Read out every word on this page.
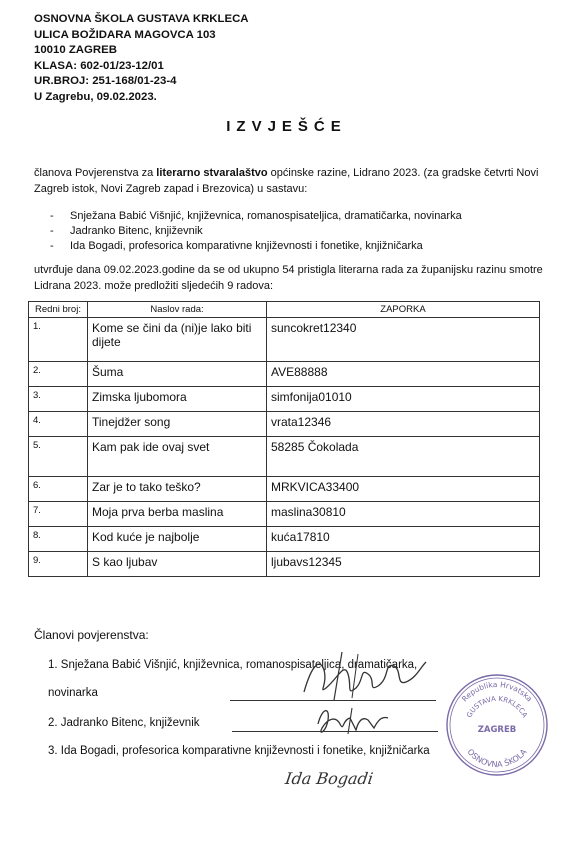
OSNOVNA ŠKOLA GUSTAVA KRKLECA
ULICA BOŽIDARA MAGOVCA 103
10010 ZAGREB
KLASA: 602-01/23-12/01
UR.BROJ: 251-168/01-23-4
U Zagrebu, 09.02.2023.
IZVJEŠĆE
članova Povjerenstva za literarno stvaralaštvo općinske razine, Lidrano 2023. (za gradske četvrti Novi Zagreb istok, Novi Zagreb zapad i Brezovica) u sastavu:
- Snježana Babić Višnjić, književnica, romanospisateljica, dramatičarka, novinarka
- Jadranko Bitenc, književnik
- Ida Bogadi, profesorica komparativne književnosti i fonetike, knjižničarka
utvrđuje dana 09.02.2023.godine da se od ukupno 54 pristigla literarna rada za županijsku razinu smotre Lidrana 2023. može predložiti sljedećih 9 radova:
Redni broj:	Naslov rada:	ZAPORKA
1.	Kome se čini da (ni)je lako biti dijete	suncokret12340
2.	Šuma	AVE88888
3.	Zimska ljubomora	simfonija01010
4.	Tinejdžer song	vrata12346
5.	Kam pak ide ovaj svet	58285 Čokolada
6.	Zar je to tako teško?	MRKVICA33400
7.	Moja prva berba maslina	maslina30810
8.	Kod kuće je najbolje	kuća17810
9.	S kao ljubav	ljubavs12345
Članovi povjerenstva:
1. Snježana Babić Višnjić, književnica, romanospisateljica, dramatičarka,
novinarka
2. Jadranko Bitenc, književnik
3. Ida Bogadi, profesorica komparativne književnosti i fonetike, knjižničarka
Ida Bogadi
Republika Hrvatska
GUSTAVA KRKLECA
ZAGREB
OSNOVNA ŠKOLA
